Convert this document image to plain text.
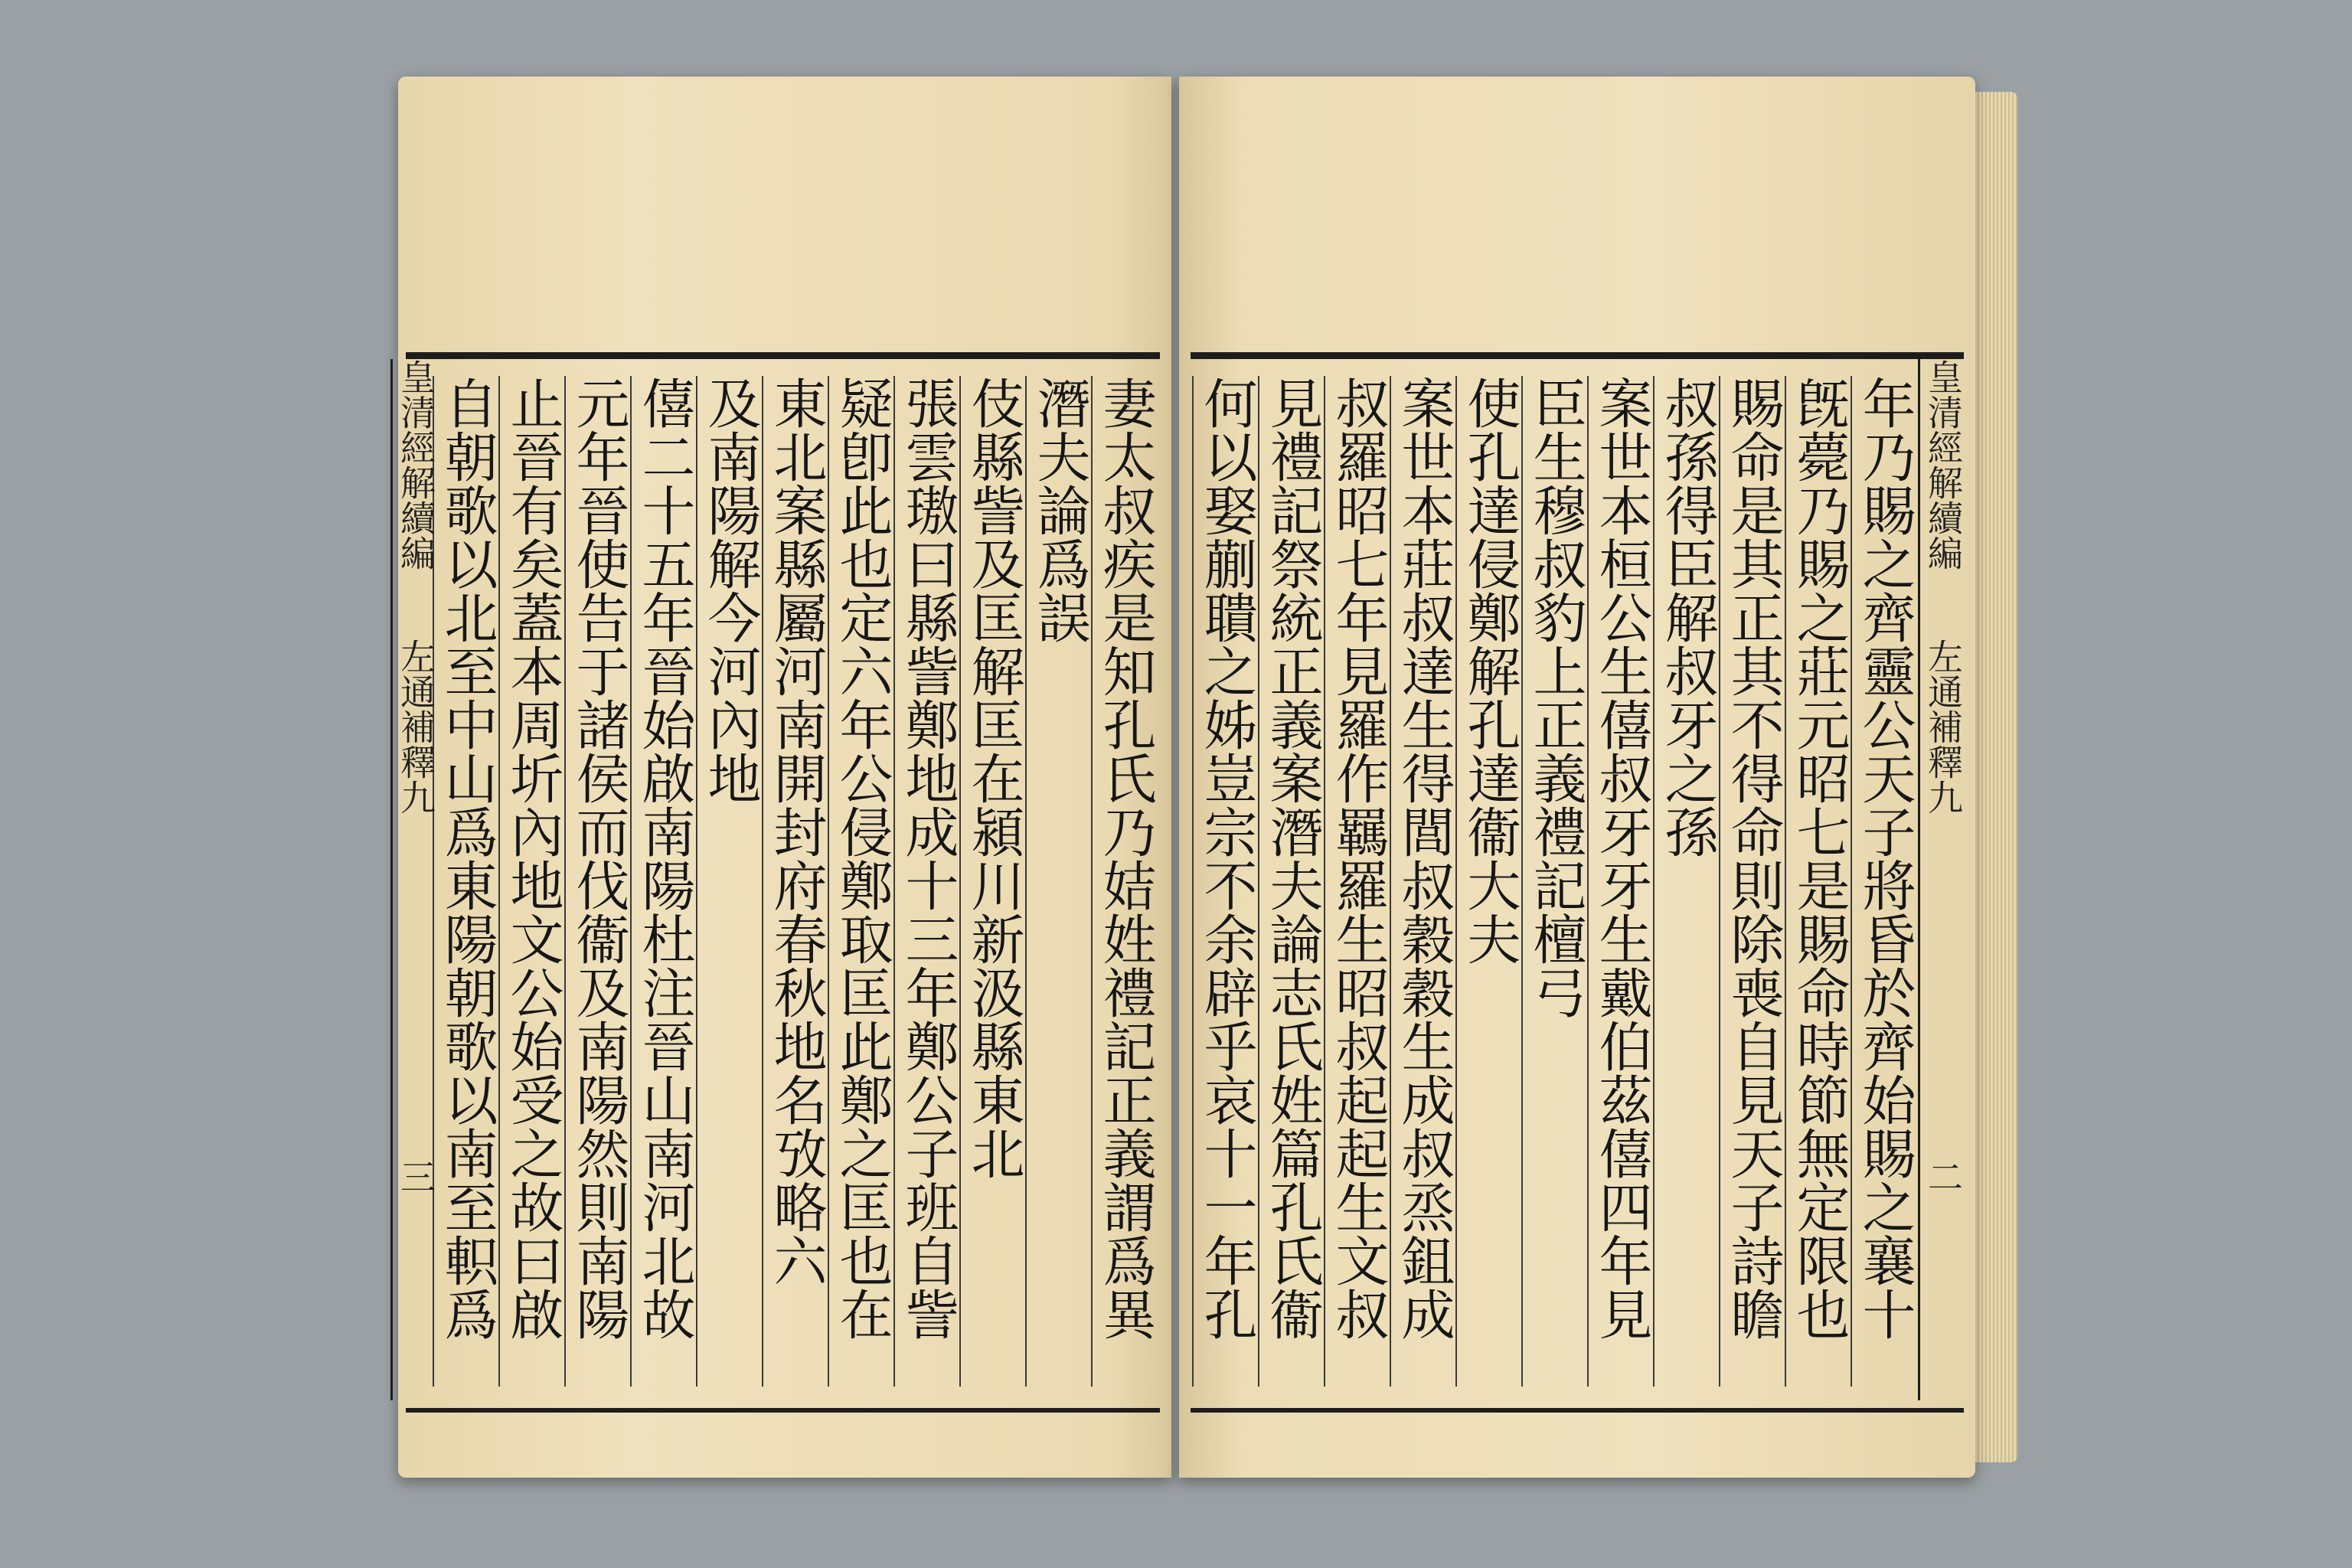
妻太叔疾是知孔氏乃姞姓禮記正義謂爲異
潛夫論爲誤
伎縣訾及匡解匡在潁川新汲縣東北
張雲璈曰縣訾鄭地成十三年鄭公子班自訾
疑卽此也定六年公侵鄭取匡此鄭之匡也在
東北案縣屬河南開封府春秋地名攷略六
及南陽解今河內地
僖二十五年晉始啟南陽杜注晉山南河北故
元年晉使告于諸侯而伐衞及南陽然則南陽
止晉有矣蓋本周圻內地文公始受之故曰啟
自朝歌以北至中山爲東陽朝歌以南至軹爲
皇清經解續編  左通補釋九  三
皇清經解續編  左通補釋九  二
年乃賜之齊靈公天子將昏於齊始賜之襄十
旣薨乃賜之莊元昭七是賜命時節無定限也
賜命是其正其不得命則除喪自見天子詩瞻
叔孫得臣解叔牙之孫
案世本桓公生僖叔牙牙生戴伯茲僖四年見
臣生穆叔豹上正義禮記檀弓
使孔達侵鄭解孔達衞大夫
案世本莊叔達生得閭叔穀穀生成叔烝鉏成
叔羅昭七年見羅作羈羅生昭叔起起生文叔
見禮記祭統正義案潛夫論志氏姓篇孔氏衞
何以娶蒯聵之姊豈宗不余辟乎哀十一年孔
